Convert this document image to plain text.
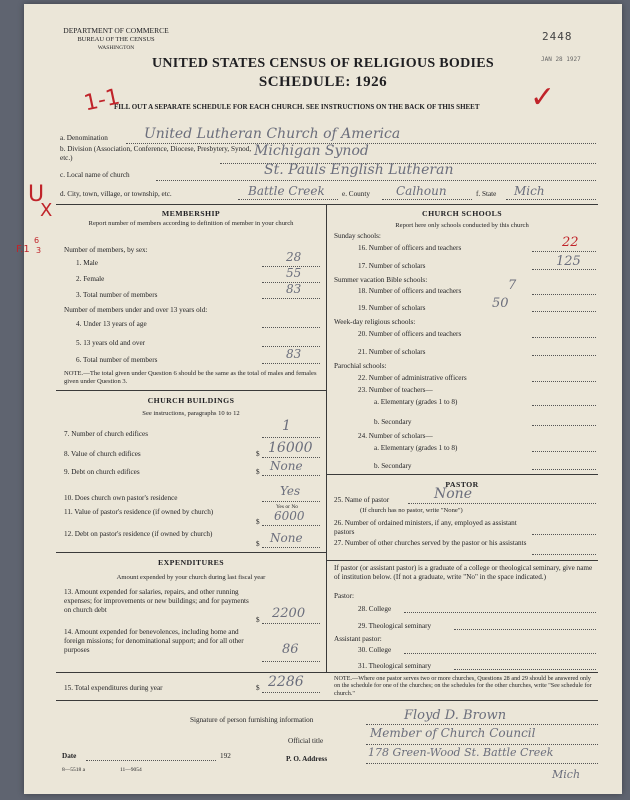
DEPARTMENT OF COMMERCE
BUREAU OF THE CENSUS
WASHINGTON
2448
JAN 28 1927
UNITED STATES CENSUS OF RELIGIOUS BODIES
SCHEDULE: 1926
FILL OUT A SEPARATE SCHEDULE FOR EACH CHURCH. SEE INSTRUCTIONS ON THE BACK OF THIS SHEET
1-1	✓
U
X
F.1
6
3
a. Denomination	United Lutheran Church of America
b. Division (Association, Conference, Diocese, Presbytery, Synod, etc.)	Michigan Synod
c. Local name of church	St. Pauls English Lutheran
d. City, town, village, or township, etc.	Battle Creek e. County Calhoun	f. State Mich
MEMBERSHIP
Report number of members according to definition of member in your church
Number of members, by sex:
1. Male	28
2. Female	55
3. Total number of members	83
Number of members under and over 13 years old:
4. Under 13 years of age
5. 13 years old and over
6. Total number of members	83
NOTE.—The total given under Question 6 should be the same as the total of males and females given under Question 3.
CHURCH BUILDINGS
See instructions, paragraphs 10 to 12
7. Number of church edifices	1
8. Value of church edifices	$ 16000
9. Debt on church edifices	$ None
10. Does church own pastor's residence	Yes
Yes or No
11. Value of pastor's residence (if owned by church)
$ 6000
12. Debt on pastor's residence (if owned by church)
$ None
EXPENDITURES
Amount expended by your church during last fiscal year
13. Amount expended for salaries, repairs, and other running expenses; for improvements or new buildings; and for payments on church debt
$ 2200
14. Amount expended for benevolences, including home and foreign missions; for denominational support; and for all other purposes	86
15. Total expenditures during year	$ 2286
CHURCH SCHOOLS
Report here only schools conducted by this church
Sunday schools:
16. Number of officers and teachers	22
17. Number of scholars	125
Summer vacation Bible schools:
18. Number of officers and teachers	7
19. Number of scholars	50
Week-day religious schools:
20. Number of officers and teachers
21. Number of scholars
Parochial schools:
22. Number of administrative officers
23. Number of teachers—
a. Elementary (grades 1 to 8)
b. Secondary
24. Number of scholars—
a. Elementary (grades 1 to 8)
b. Secondary
PASTOR
25. Name of pastor	None
(If church has no pastor, write "None")
26. Number of ordained ministers, if any, employed as assistant pastors
27. Number of other churches served by the pastor or his assistants
If pastor (or assistant pastor) is a graduate of a college or theological seminary, give name of institution below. (If not a graduate, write "No" in the space indicated.)
Pastor:
28. College
29. Theological seminary
Assistant pastor:
30. College
31. Theological seminary
NOTE.—Where one pastor serves two or more churches, Questions 28 and 29 should be answered only on the schedule for one of the churches; on the schedules for the other churches, write "See schedule for church."
Signature of person furnishing information	Floyd D. Brown
Official title
Member of Church Council
Date	192	P. O. Address	178 Green-Wood St. Battle Creek
Mich
8—5518 a	11—9054
